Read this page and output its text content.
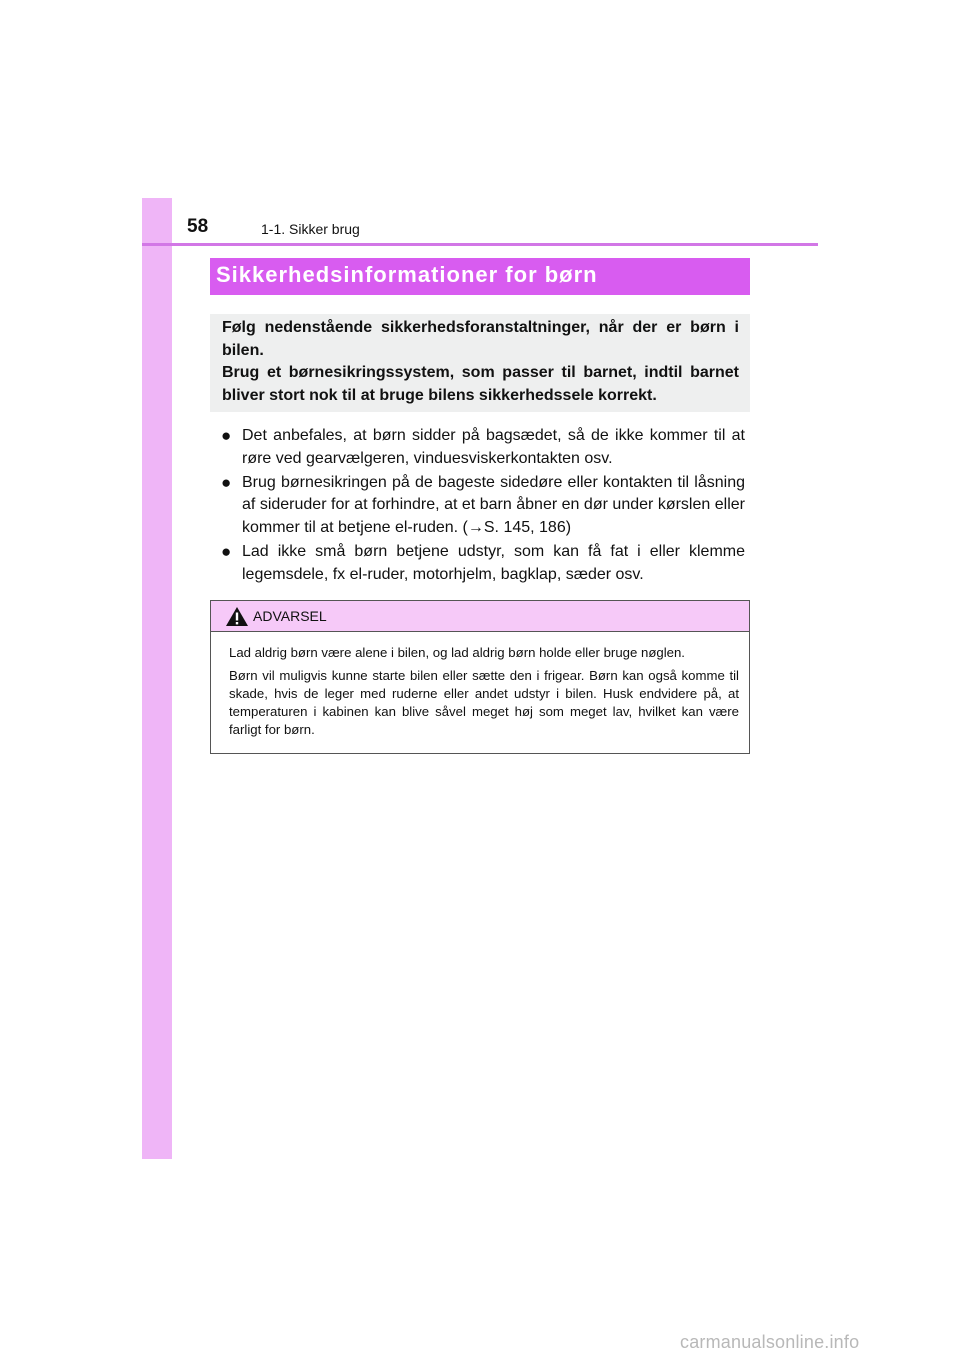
58	1-1. Sikker brug
Sikkerhedsinformationer for børn

Følg nedenstående sikkerhedsforanstaltninger, når der er børn i bilen.

Brug et børnesikringssystem, som passer til barnet, indtil barnet bliver stort nok til at bruge bilens sikkerhedssele korrekt.

● Det anbefales, at børn sidder på bagsædet, så de ikke kommer til at røre ved gearvælgeren, vinduesviskerkontakten osv.
● Brug børnesikringen på de bageste sidedøre eller kontakten til låsning af sideruder for at forhindre, at et barn åbner en dør under kørslen eller kommer til at betjene el-ruden. (→S. 145, 186)
● Lad ikke små børn betjene udstyr, som kan få fat i eller klemme legemsdele, fx el-ruder, motorhjelm, bagklap, sæder osv.
ADVARSEL

Lad aldrig børn være alene i bilen, og lad aldrig børn holde eller bruge nøglen.

Børn vil muligvis kunne starte bilen eller sætte den i frigear. Børn kan også komme til skade, hvis de leger med ruderne eller andet udstyr i bilen. Husk endvidere på, at temperaturen i kabinen kan blive såvel meget høj som meget lav, hvilket kan være farligt for børn.

carmanualsonline.info
